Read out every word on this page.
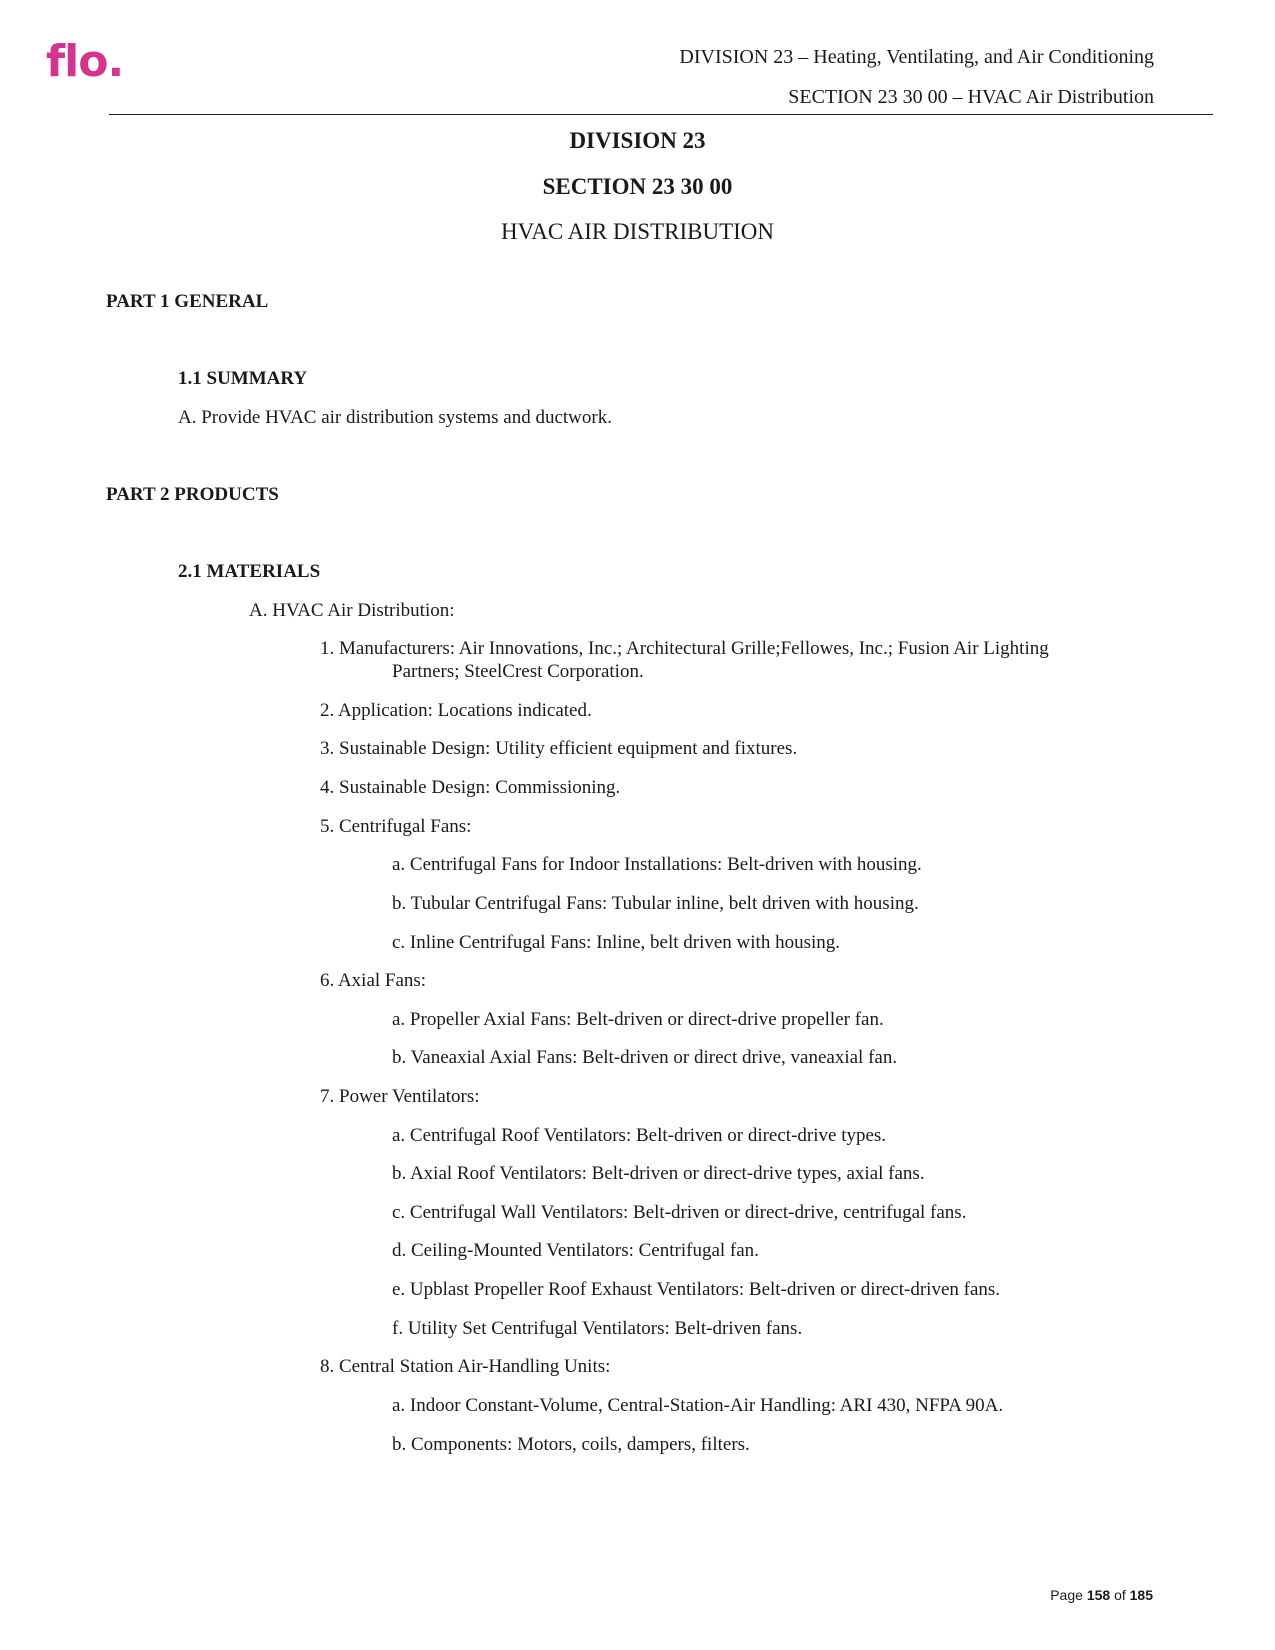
flo.	DIVISION 23 – Heating, Ventilating, and Air Conditioning
SECTION 23 30 00 – HVAC Air Distribution
DIVISION 23
SECTION 23 30 00
HVAC AIR DISTRIBUTION
PART 1 GENERAL
1.1 SUMMARY
A. Provide HVAC air distribution systems and ductwork.
PART 2 PRODUCTS
2.1 MATERIALS
A. HVAC Air Distribution:
1. Manufacturers: Air Innovations, Inc.; Architectural Grille;Fellowes, Inc.; Fusion Air Lighting
Partners; SteelCrest Corporation.
2. Application: Locations indicated.
3. Sustainable Design: Utility efficient equipment and fixtures.
4. Sustainable Design: Commissioning.
5. Centrifugal Fans:
a. Centrifugal Fans for Indoor Installations: Belt-driven with housing.
b. Tubular Centrifugal Fans: Tubular inline, belt driven with housing.
c. Inline Centrifugal Fans: Inline, belt driven with housing.
6. Axial Fans:
a. Propeller Axial Fans: Belt-driven or direct-drive propeller fan.
b. Vaneaxial Axial Fans: Belt-driven or direct drive, vaneaxial fan.
7. Power Ventilators:
a. Centrifugal Roof Ventilators: Belt-driven or direct-drive types.
b. Axial Roof Ventilators: Belt-driven or direct-drive types, axial fans.
c. Centrifugal Wall Ventilators: Belt-driven or direct-drive, centrifugal fans.
d. Ceiling-Mounted Ventilators: Centrifugal fan.
e. Upblast Propeller Roof Exhaust Ventilators: Belt-driven or direct-driven fans.
f. Utility Set Centrifugal Ventilators: Belt-driven fans.
8. Central Station Air-Handling Units:
a. Indoor Constant-Volume, Central-Station-Air Handling: ARI 430, NFPA 90A.
b. Components: Motors, coils, dampers, filters.
Page 158 of 185
